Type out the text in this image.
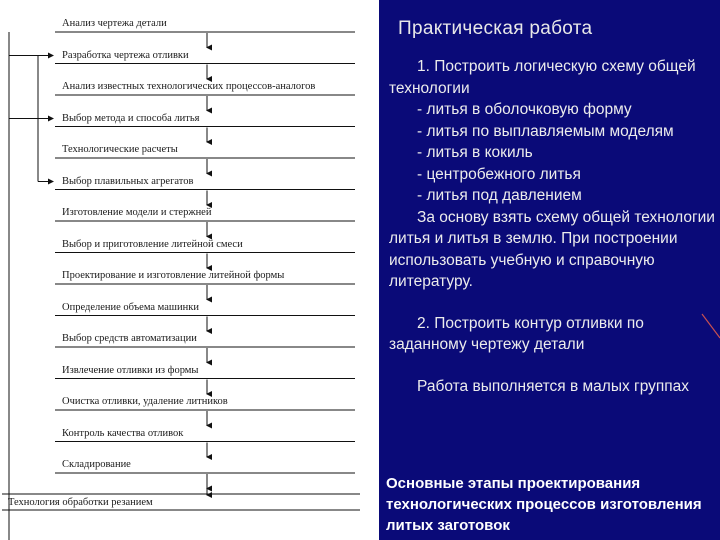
Анализ чертежа детали
Разработка чертежа отливки
Анализ известных технологических процессов-аналогов
Выбор метода и способа литья
Технологические расчеты
Выбор плавильных агрегатов
Изготовление модели и стержней
Выбор и приготовление литейной смеси
Проектирование и изготовление литейной формы
Определение объема машинки
Выбор средств автоматизации
Извлечение отливки из формы
Очистка отливки, удаление литников
Контроль качества отливок
Складирование
Технология обработки резанием
Практическая работа

1. Построить логическую схему общей технологии

- литья в оболочковую форму

- литья по выплавляемым моделям

- литья в кокиль

- центробежного литья

- литья под давлением

За основу взять схему общей технологии литья и литья в землю. При построении использовать учебную и справочную литературу.

2. Построить контур отливки по заданному чертежу детали

Работа выполняется в малых группах

Основные этапы проектирования технологических процессов изготовления литых заготовок
